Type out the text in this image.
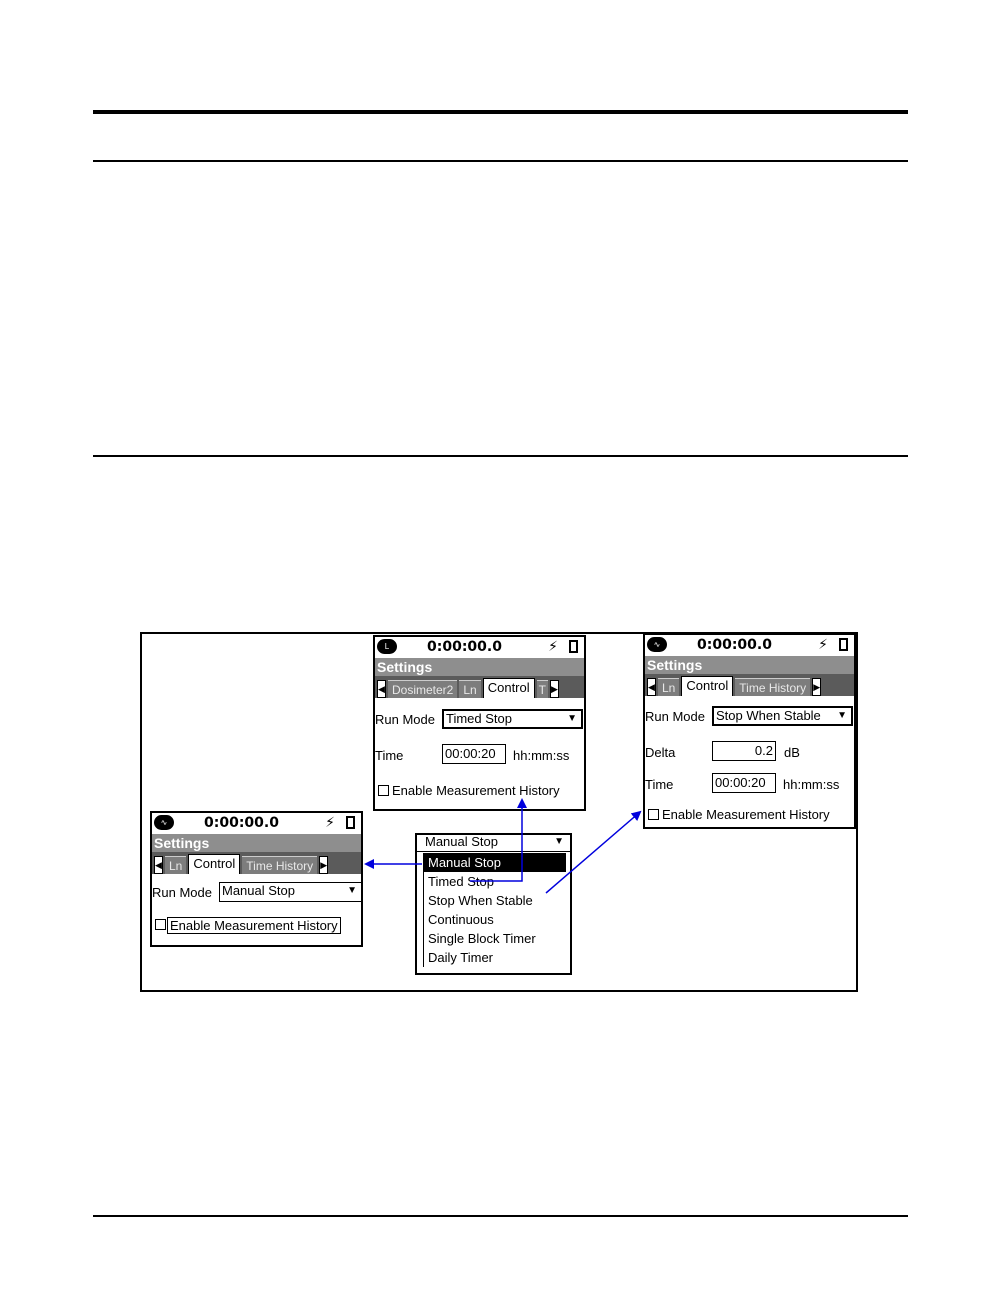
L	0:00:00.0	⚡
Settings
◀ Dosimeter2 Ln Control T ▶
Run Mode Timed Stop	▼
Time	00:00:20	hh:mm:ss
Enable Measurement History
∿	0:00:00.0	⚡
Settings
◀ Ln Control Time History ▶
Run Mode Stop When Stable ▼
Delta	0.2 dB
Time	00:00:20	hh:mm:ss
Enable Measurement History
∿	0:00:00.0	⚡
Settings
◀ Ln Control Time History ▶
Run Mode Manual Stop	▼
Enable Measurement History
Manual Stop	▼
Manual Stop
Timed Stop
Stop When Stable
Continuous
Single Block Timer
Daily Timer
